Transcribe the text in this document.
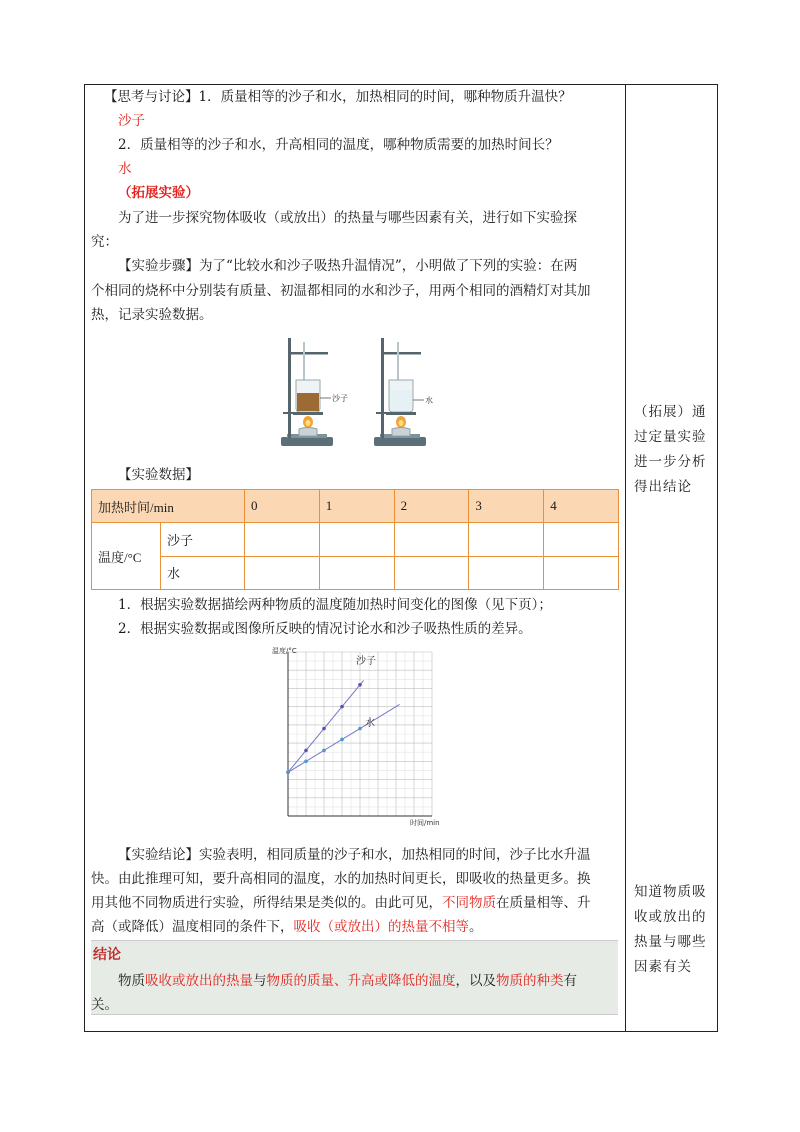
【思考与讨论】1．质量相等的沙子和水，加热相同的时间，哪种物质升温快？
沙子
2．质量相等的沙子和水，升高相同的温度，哪种物质需要的加热时间长？
水
（拓展实验）
为了进一步探究物体吸收（或放出）的热量与哪些因素有关，进行如下实验探
究：
【实验步骤】为了“比较水和沙子吸热升温情况”，小明做了下列的实验：在两
个相同的烧杯中分别装有质量、初温都相同的水和沙子，用两个相同的酒精灯对其加
热，记录实验数据。
沙子	水
【实验数据】
加热时间/min	0	1	2	3	4

温度/°C
沙子
水					

1．根据实验数据描绘两种物质的温度随加热时间变化的图像（见下页）；
2．根据实验数据或图像所反映的情况讨论水和沙子吸热性质的差异。
温度/°C
时间/min
沙子
水
【实验结论】实验表明，相同质量的沙子和水，加热相同的时间，沙子比水升温
快。由此推理可知，要升高相同的温度，水的加热时间更长，即吸收的热量更多。换
用其他不同物质进行实验，所得结果是类似的。由此可见，不同物质在质量相等、升
高（或降低）温度相同的条件下，吸收（或放出）的热量不相等。
结论
物质吸收或放出的热量与物质的质量、升高或降低的温度，以及物质的种类有
关。
（拓展）通过定量实验进一步分析得出结论
知道物质吸收或放出的热量与哪些因素有关
